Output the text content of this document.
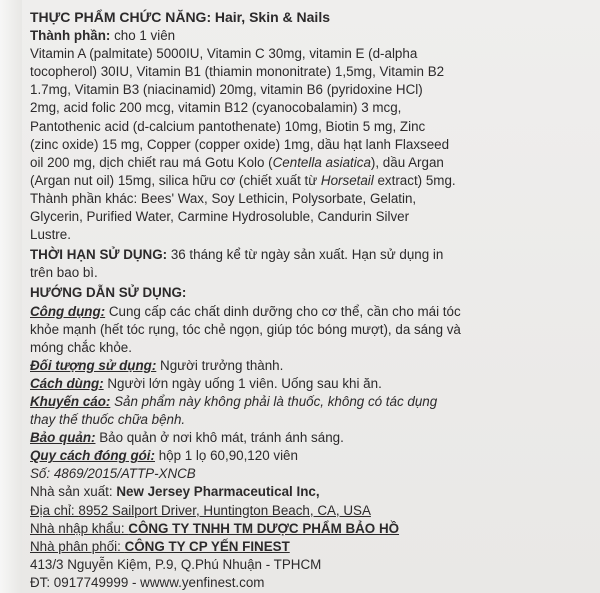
THỰC PHẨM CHỨC NĂNG: Hair, Skin & Nails
Thành phần: cho 1 viên
Vitamin A (palmitate) 5000IU, Vitamin C 30mg, vitamin E (d-alpha
tocopherol) 30IU, Vitamin B1 (thiamin mononitrate) 1,5mg, Vitamin B2
1.7mg, Vitamin B3 (niacinamid) 20mg, vitamin B6 (pyridoxine HCl)
2mg, acid folic 200 mcg, vitamin B12 (cyanocobalamin) 3 mcg,
Pantothenic acid (d-calcium pantothenate) 10mg, Biotin 5 mg, Zinc
(zinc oxide) 15 mg, Copper (copper oxide) 1mg, dầu hạt lanh Flaxseed
oil 200 mg, dịch chiết rau má Gotu Kolo (Centella asiatica), dầu Argan
(Argan nut oil) 15mg, silica hữu cơ (chiết xuất từ Horsetail extract) 5mg.
Thành phần khác: Bees' Wax, Soy Lethicin, Polysorbate, Gelatin,
Glycerin, Purified Water, Carmine Hydrosoluble, Candurin Silver
Lustre.
THỜI HẠN SỬ DỤNG: 36 tháng kể từ ngày sản xuất. Hạn sử dụng in
trên bao bì.
HƯỚNG DẪN SỬ DỤNG:
Công dụng: Cung cấp các chất dinh dưỡng cho cơ thể, cần cho mái tóc
khỏe mạnh (hết tóc rụng, tóc chẻ ngọn, giúp tóc bóng mượt), da sáng và
móng chắc khỏe.
Đối tượng sử dụng: Người trưởng thành.
Cách dùng: Người lớn ngày uống 1 viên. Uống sau khi ăn.
Khuyến cáo: Sản phẩm này không phải là thuốc, không có tác dụng
thay thế thuốc chữa bệnh.
Bảo quản: Bảo quản ở nơi khô mát, tránh ánh sáng.
Quy cách đóng gói: hộp 1 lọ 60,90,120 viên
Số: 4869/2015/ATTP-XNCB
Nhà sản xuất: New Jersey Pharmaceutical Inc,
Địa chỉ: 8952 Sailport Driver, Huntington Beach, CA, USA
Nhà nhập khẩu: CÔNG TY TNHH TM DƯỢC PHẨM BẢO HỒ
Nhà phân phối: CÔNG TY CP YẾN FINEST
413/3 Nguyễn Kiệm, P.9, Q.Phú Nhuận - TPHCM
ĐT: 0917749999 - wwww.yenfinest.com
